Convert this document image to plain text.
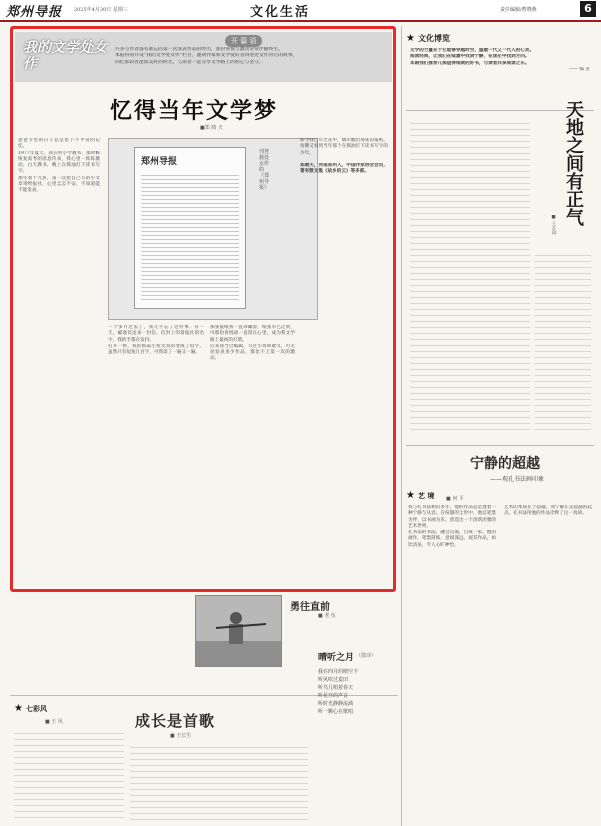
郑州导报 2025年4月30日 星期三	文化生活	责任编辑/曹晓燕	6
我的文学处女作
开 篇 语
许多写作者都有难忘的第一次发表作品的经历，那份喜悦与激动常常伴随终生。
本报特别开设“我的文学处女作”栏目，邀请作家和文学爱好者讲述处女作背后的故事，
回忆那段青涩而美好的时光，与读者一起分享文学路上的初心与坚守。
忆得当年文学梦
■郑 晴 天
爸爸节里的日子总是留下不平常的记忆。
1977年夏天，我在村小学教书，那时候恢复高考的消息传来，我心里一阵阵激动，白天教书，晚上在煤油灯下读书写字。
那年我十九岁，第一次把自己写的小文章寄给报社，心里忐忑不安，不知道能不能发表。
郑州导报
刊登我处女作的《郑州导报》
一个多月过去了，我几乎忘了这件事。有一天，邮递员送来一封信，信封上印着报社的名字，我的手都在发抖。
打开一看，我的那篇小短文真的变成了铅字，虽然只有短短几百字，可我读了一遍又一遍。
那张报纸我一直珍藏着，纸张早已泛黄，可那份喜悦却一直留在心里，成为我文学路上最初的灯塔。
后来我当过编辑，写过小说和散文，可无论发表多少作品，都比不上第一次的激动。
如今我已年过花甲，偶尔翻出那张旧报纸，仿佛又看到当年那个在煤油灯下读书写字的少年。
郑晴天，河南郑州人，中国作家协会会员，著有散文集《故乡的云》等多部。
勇往直前
■ 老 伍
★ 文化博览
文学的力量在于它能够穿越时空，温暖一代又一代人的心灵。
阅读经典，让我们在喧嚣中找到宁静，在迷茫中找到方向。
本期我们推荐几部值得细读的好书，与读者共享阅读之乐。
—— 编 者
天地之间有正气
■ 王长印
宁静的超越
——观孔书法画印象
★ 艺 境 ■ 何 平
我与孔书法相识多年，他的作品总是透着一种宁静与从容。在喧嚣的尘世中，他以笔墨为伴，以书画为乐，创造出一个清新淡雅的艺术世界。
孔书法的书法，融会贯通，自成一家。他的画作，笔墨简练，意境深远。观其作品，如饮清泉，令人心旷神怡。
艺术的本质在于超越，而宁静正是超越的起点。孔书法用他的作品诠释了这一真谛。
★ 七彩风
■ 王 风	成长是首歌
■ 王长生
晴听之月 （散诗）
我在四月的晴空下
听风吹过麦田
听鸟儿唱着春天
听花开的声音
听时光静静流淌
听一颗心在歌唱
